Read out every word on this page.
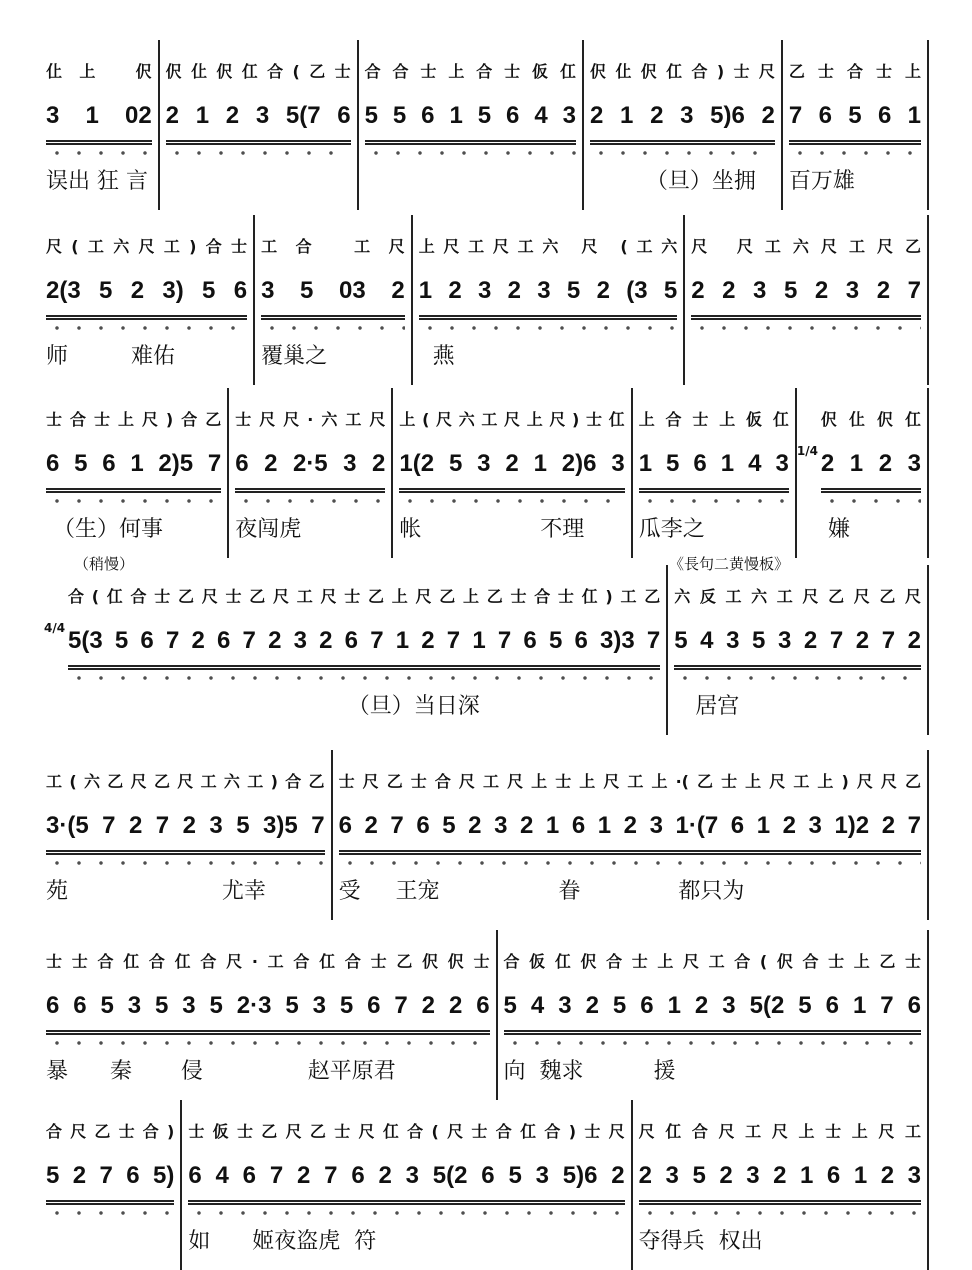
仩上 伬
3 1 02
误出 狂 言
伬仩伬仜合(乙士
2 1 2 3 5(7 6
合合士上合士仮仜
5 5 6 1 5 6 4 3
伬仩伬仜合)士尺
2 1 2 3 5)6 2
（旦）坐拥
乙士合士上
7 6 5 6 1
百万雄
尺(工六尺工)合士
2(3 5 2 3) 5 6
师         难佑
工合 工尺
3 5 03 2
覆巢之
上尺工尺工六 尺 (工六
1 2 3 2 3 5 2 (3 5
燕
尺 尺工六尺工尺乙
2 2 3 5 2 3 2 7
士合士上尺)合乙
6 5 6 1 2)5 7
（生）何事
士尺尺·六工尺
6 2 2·5 3 2
夜闯虎
上(尺六工尺上尺)士仜
1(2 5 3 2 1 2)6 3
帐                 不理
上合士上仮仜
1 5 6 1 4 3
瓜李之
1/4
伬仩伬仜
2 1 2 3
嫌
（稍慢）	《長句二黄慢板》
4/4
合(仜合士乙尺士乙尺工尺士乙上尺乙上乙士合士仜)工乙
5(3 5 6 7 2 6 7 2 3 2 6 7 1 2 7 1 7 6 5 6 3)3 7
（旦）当日深
六反工六工尺乙尺乙尺
5 4 3 5 3 2 7 2 7 2
居宫
工(六乙尺乙尺工六工)合乙
3·(5 7 2 7 2 3 5 3)5 7
苑                      尤幸
士尺乙士合尺工尺上士上尺工上·(乙士上尺工上)尺尺乙
6 2 7 6 5 2 3 2 1 6 1 2 3 1·(7 6 1 2 3 1)2 2 7
受     王宠                 眷              都只为
士士合仜合仜合尺·工合仜合士乙伬伬士
6 6 5 3 5 3 5 2·3 5 3 5 6 7 2 2 6
暴      秦       侵               赵平原君
合仮仜伬合士上尺工合(伬合士上乙士
5 4 3 2 5 6 1 2 3 5(2 5 6 1 7 6
向  魏求          援
合尺乙士合)
5 2 7 6 5)
士仮士乙尺乙士尺仜合(尺士合仜合)士尺
6 4 6 7 2 7 6 2 3 5(2 6 5 3 5)6 2
如      姬夜盗虎  符
尺仜合尺工尺上士上尺工
2 3 5 2 3 2 1 6 1 2 3
夺得兵  权出
